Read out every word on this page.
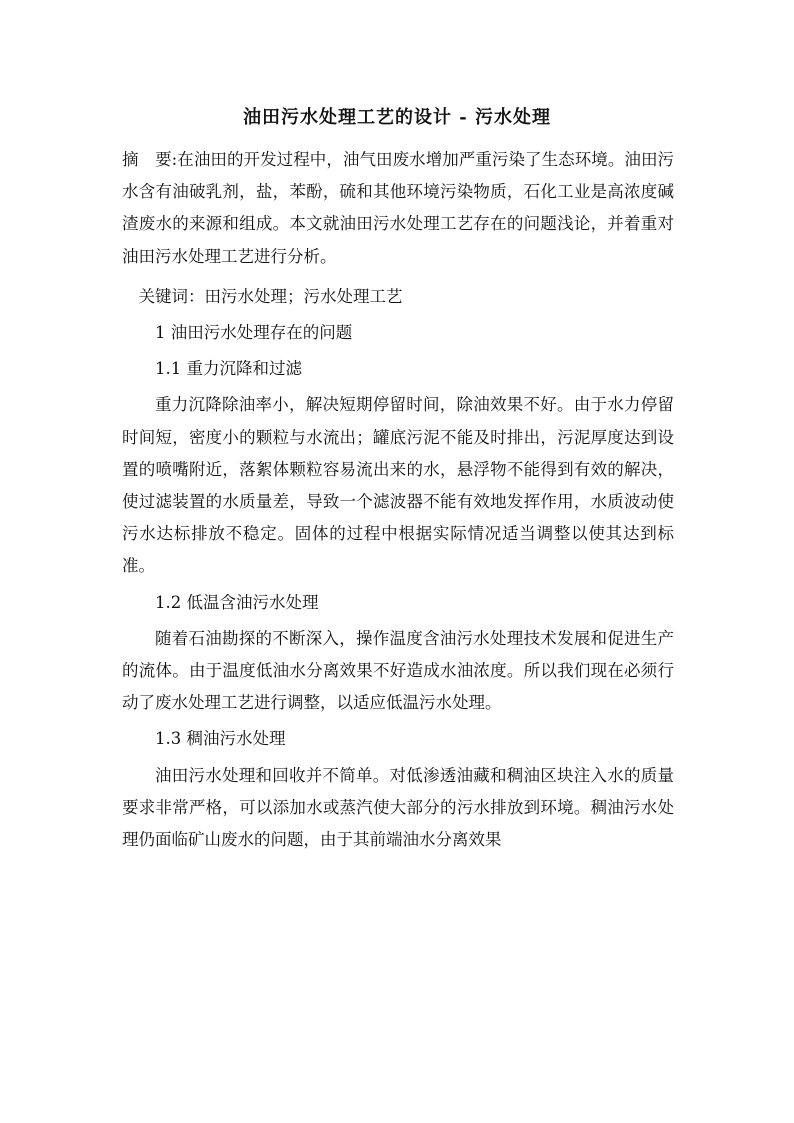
油田污水处理工艺的设计 - 污水处理

摘 要:在油田的开发过程中，油气田废水增加严重污染了生态环境。油田污水含有油破乳剂，盐，苯酚，硫和其他环境污染物质，石化工业是高浓度碱渣废水的来源和组成。本文就油田污水处理工艺存在的问题浅论，并着重对油田污水处理工艺进行分析。

关键词：田污水处理；污水处理工艺

1 油田污水处理存在的问题

1.1 重力沉降和过滤

重力沉降除油率小，解决短期停留时间，除油效果不好。由于水力停留时间短，密度小的颗粒与水流出；罐底污泥不能及时排出，污泥厚度达到设置的喷嘴附近，落絮体颗粒容易流出来的水，悬浮物不能得到有效的解决，使过滤装置的水质量差，导致一个滤波器不能有效地发挥作用，水质波动使污水达标排放不稳定。固体的过程中根据实际情况适当调整以使其达到标准。

1.2 低温含油污水处理

随着石油勘探的不断深入，操作温度含油污水处理技术发展和促进生产的流体。由于温度低油水分离效果不好造成水油浓度。所以我们现在必须行动了废水处理工艺进行调整，以适应低温污水处理。

1.3 稠油污水处理

油田污水处理和回收并不简单。对低渗透油藏和稠油区块注入水的质量要求非常严格，可以添加水或蒸汽使大部分的污水排放到环境。稠油污水处理仍面临矿山废水的问题，由于其前端油水分离效果
